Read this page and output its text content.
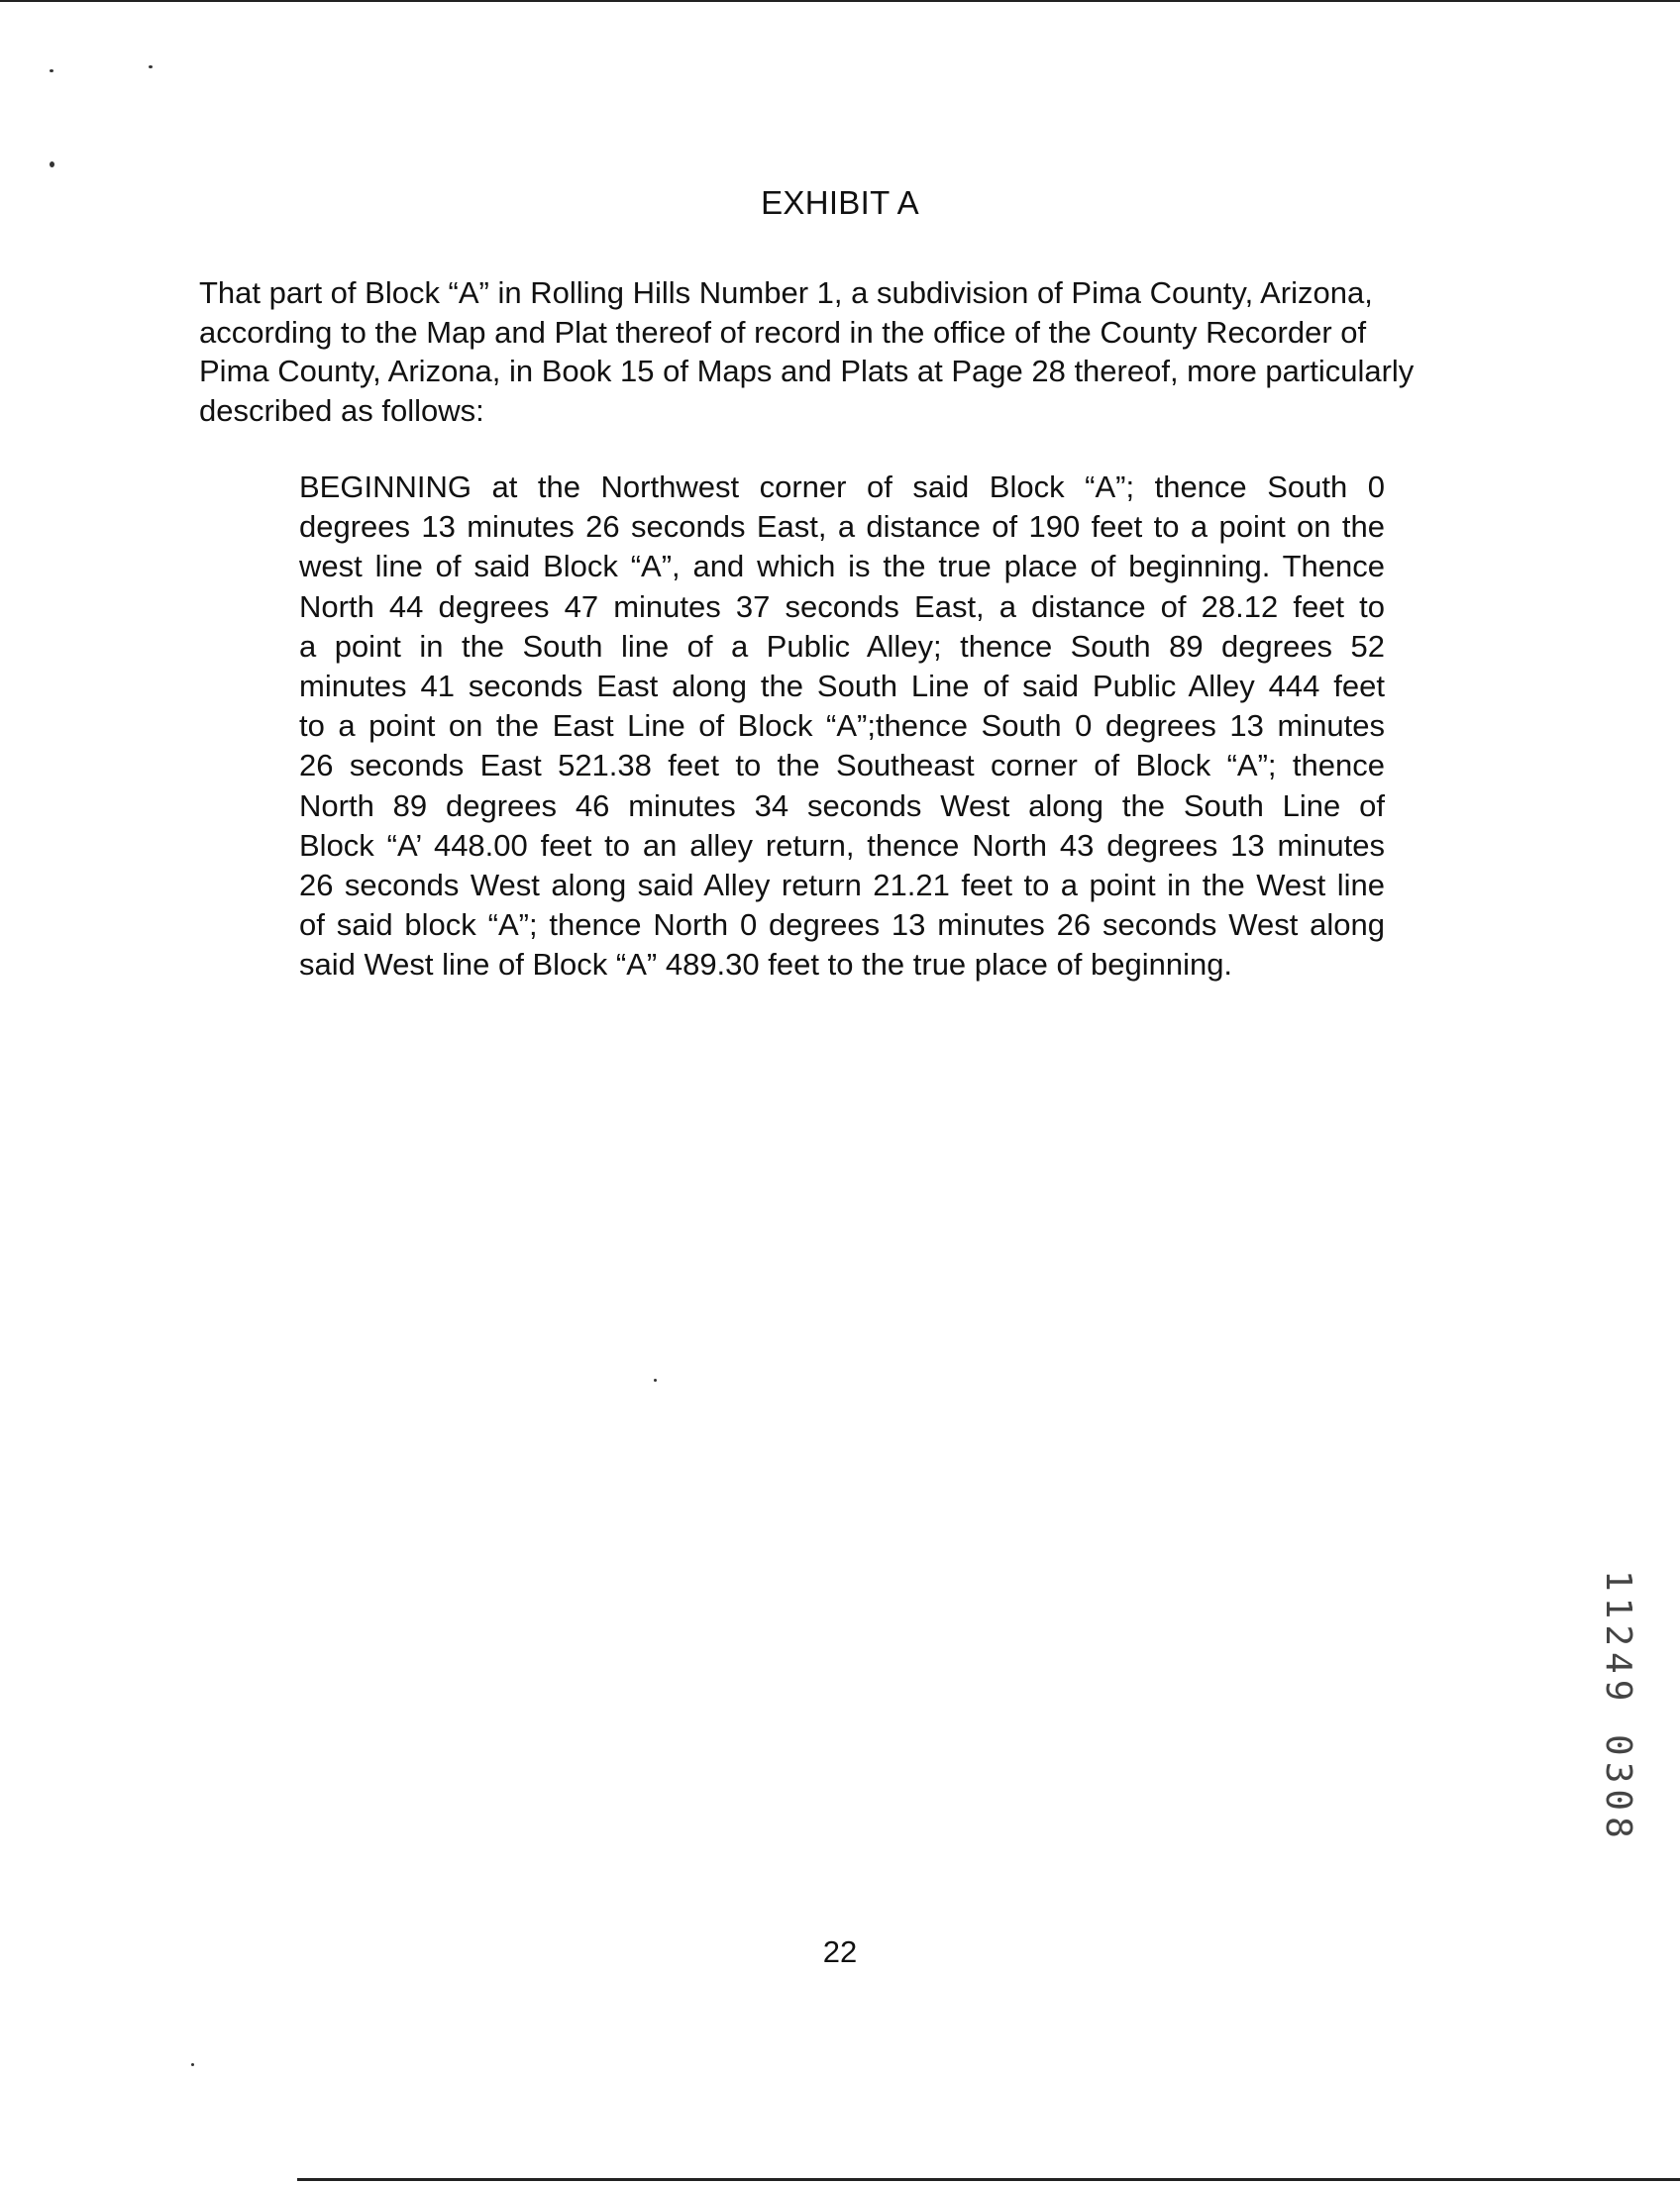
EXHIBIT A
That part of Block “A” in Rolling Hills Number 1, a subdivision of Pima County, Arizona,
according to the Map and Plat thereof of record in the office of the County Recorder of
Pima County, Arizona, in Book 15 of Maps and Plats at Page 28 thereof, more particularly
described as follows:
BEGINNING at the Northwest corner of said Block “A”; thence South 0
degrees 13 minutes 26 seconds East, a distance of 190 feet to a point on the
west line of said Block “A”, and which is the true place of beginning. Thence
North 44 degrees 47 minutes 37 seconds East, a distance of 28.12 feet to
a point in the South line of a Public Alley; thence South 89 degrees 52
minutes 41 seconds East along the South Line of said Public Alley 444 feet
to a point on the East Line of Block “A”;thence South 0 degrees 13 minutes
26 seconds East 521.38 feet to the Southeast corner of Block “A”; thence
North 89 degrees 46 minutes 34 seconds West along the South Line of
Block “A’ 448.00 feet to an alley return, thence North 43 degrees 13 minutes
26 seconds West along said Alley return 21.21 feet to a point in the West line
of said block “A”; thence North 0 degrees 13 minutes 26 seconds West along
said West line of Block “A” 489.30 feet to the true place of beginning.
11249 0308
22
